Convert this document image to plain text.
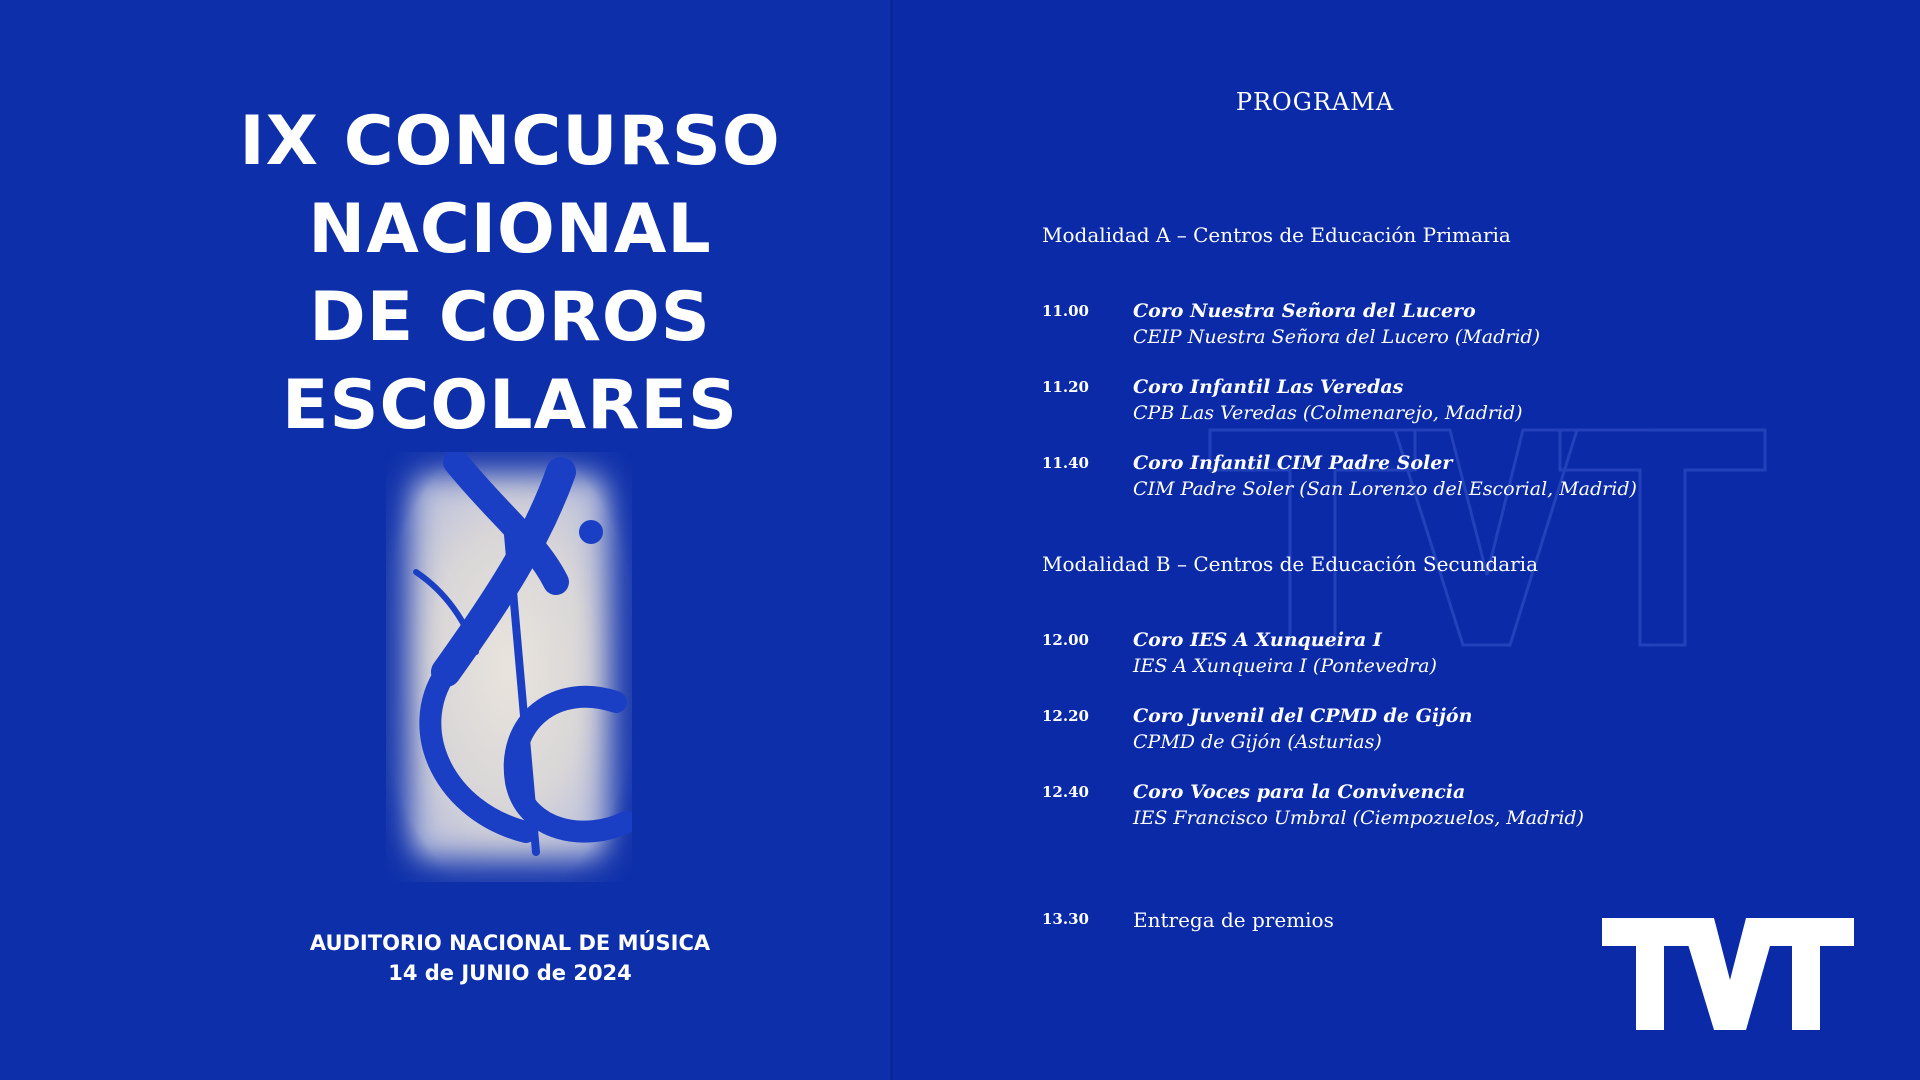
IX CONCURSO
NACIONAL
DE COROS
ESCOLARES
AUDITORIO NACIONAL DE MÚSICA
14 de JUNIO de 2024
PROGRAMA
Modalidad A – Centros de Educación Primaria
11.00 Coro Nuestra Señora del Lucero
CEIP Nuestra Señora del Lucero (Madrid)
11.20 Coro Infantil Las Veredas
CPB Las Veredas (Colmenarejo, Madrid)
11.40 Coro Infantil CIM Padre Soler
CIM Padre Soler (San Lorenzo del Escorial, Madrid)
Modalidad B – Centros de Educación Secundaria
12.00 Coro IES A Xunqueira I
IES A Xunqueira I (Pontevedra)
12.20 Coro Juvenil del CPMD de Gijón
CPMD de Gijón (Asturias)
12.40 Coro Voces para la Convivencia
IES Francisco Umbral (Ciempozuelos, Madrid)
13.30 Entrega de premios
